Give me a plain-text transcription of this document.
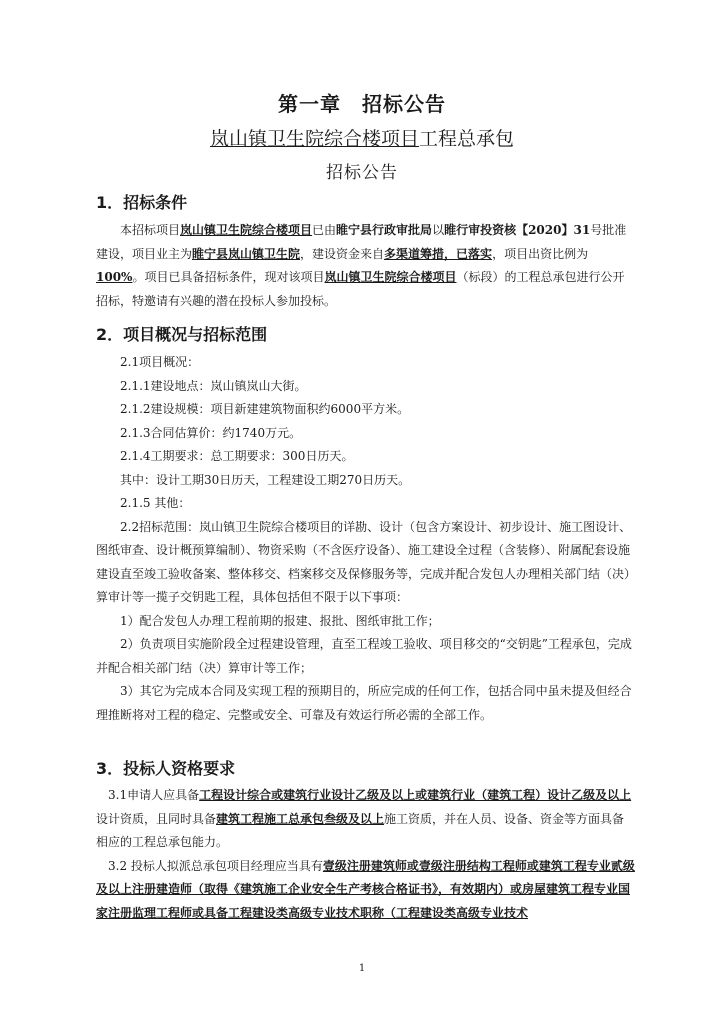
第一章　招标公告
岚山镇卫生院综合楼项目工程总承包
招标公告
1．招标条件

本招标项目岚山镇卫生院综合楼项目已由睢宁县行政审批局以睢行审投资核【2020】31号批准建设，项目业主为睢宁县岚山镇卫生院，建设资金来自多渠道筹措，已落实，项目出资比例为100%。项目已具备招标条件，现对该项目岚山镇卫生院综合楼项目（标段）的工程总承包进行公开招标，特邀请有兴趣的潜在投标人参加投标。

2．项目概况与招标范围

2.1项目概况：

2.1.1建设地点：岚山镇岚山大街。

2.1.2建设规模：项目新建建筑物面积约6000平方米。

2.1.3合同估算价：约1740万元。

2.1.4工期要求：总工期要求：300日历天。

其中：设计工期30日历天，工程建设工期270日历天。

2.1.5 其他：

2.2招标范围：岚山镇卫生院综合楼项目的详勘、设计（包含方案设计、初步设计、施工图设计、图纸审查、设计概预算编制）、物资采购（不含医疗设备）、施工建设全过程（含装修）、附属配套设施建设直至竣工验收备案、整体移交、档案移交及保修服务等，完成并配合发包人办理相关部门结（决）算审计等一揽子交钥匙工程，具体包括但不限于以下事项：

1）配合发包人办理工程前期的报建、报批、图纸审批工作；

2）负责项目实施阶段全过程建设管理，直至工程竣工验收、项目移交的“交钥匙”工程承包，完成并配合相关部门结（决）算审计等工作；

3）其它为完成本合同及实现工程的预期目的，所应完成的任何工作，包括合同中虽未提及但经合理推断将对工程的稳定、完整或安全、可靠及有效运行所必需的全部工作。

3．投标人资格要求

3.1申请人应具备工程设计综合或建筑行业设计乙级及以上或建筑行业（建筑工程）设计乙级及以上设计资质，且同时具备建筑工程施工总承包叁级及以上施工资质，并在人员、设备、资金等方面具备相应的工程总承包能力。

3.2 投标人拟派总承包项目经理应当具有壹级注册建筑师或壹级注册结构工程师或建筑工程专业贰级及以上注册建造师（取得《建筑施工企业安全生产考核合格证书》，有效期内）或房屋建筑工程专业国家注册监理工程师或具备工程建设类高级专业技术职称（工程建设类高级专业技术

1
